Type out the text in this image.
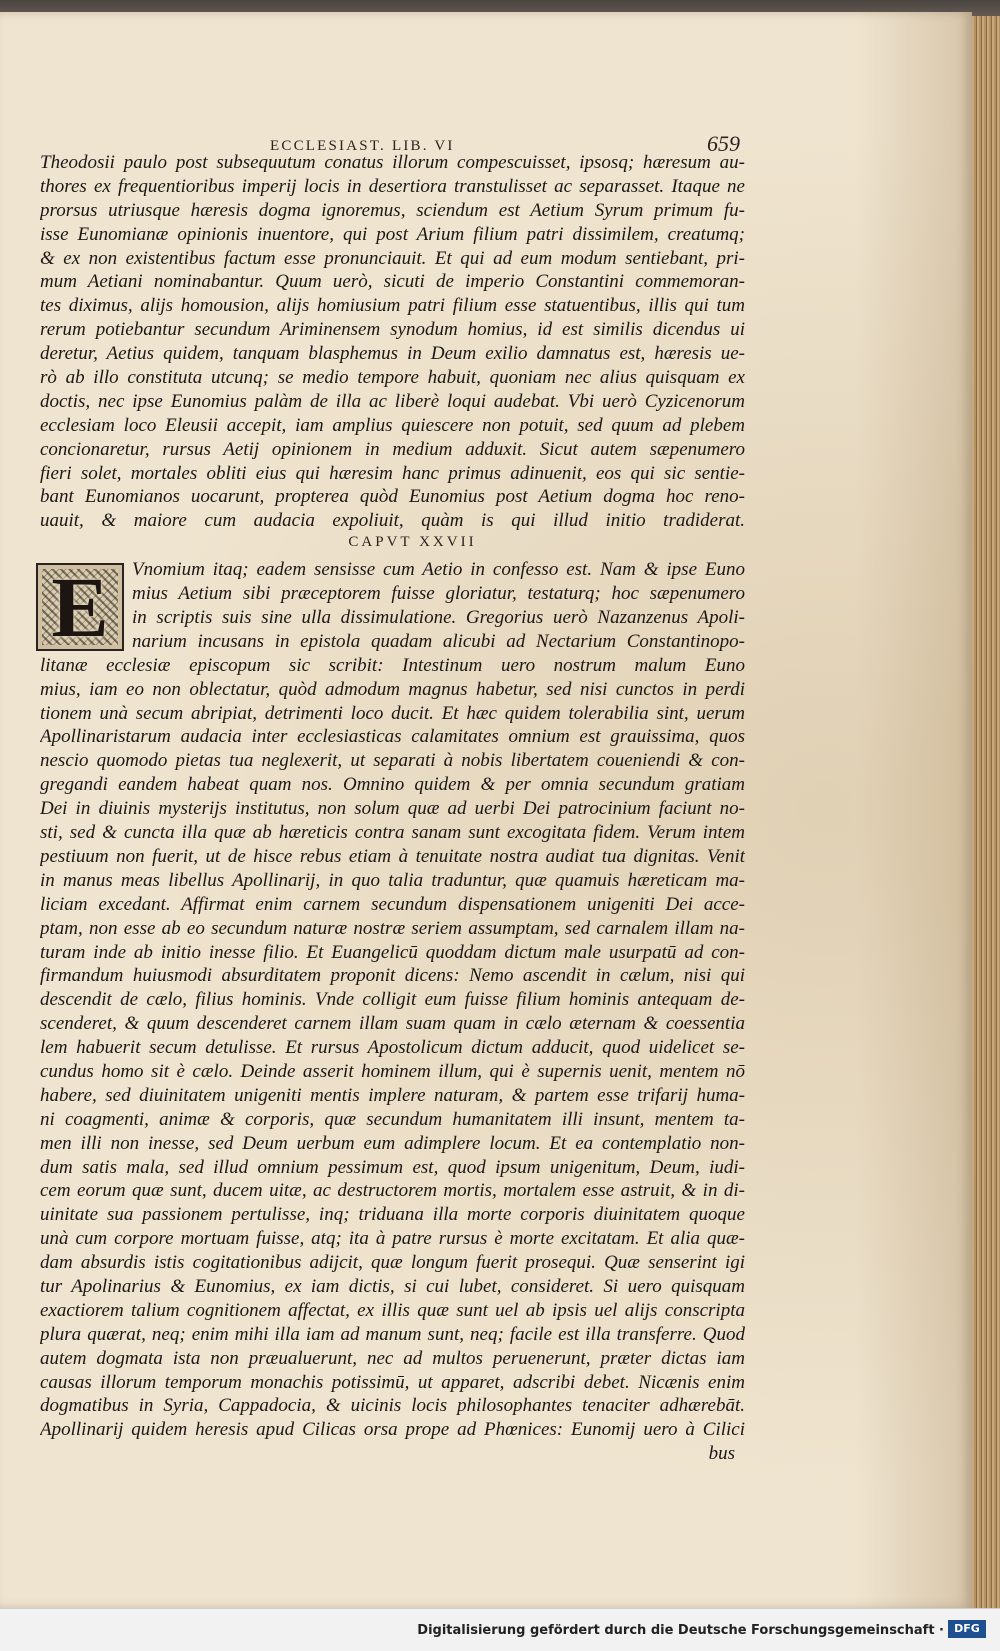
ECCLESIAST. LIB. VI	659
Theodosii paulo post subsequutum conatus illorum compescuisset, ipsosq; hæresum au-
thores ex frequentioribus imperij locis in desertiora transtulisset ac separasset. Itaque ne
prorsus utriusque hæresis dogma ignoremus, sciendum est Aetium Syrum primum fu-
isse Eunomianæ opinionis inuentore, qui post Arium filium patri dissimilem, creatumq;
& ex non existentibus factum esse pronunciauit. Et qui ad eum modum sentiebant, pri-
mum Aetiani nominabantur. Quum uerò, sicuti de imperio Constantini commemoran-
tes diximus, alijs homousion, alijs homiusium patri filium esse statuentibus, illis qui tum
rerum potiebantur secundum Ariminensem synodum homius, id est similis dicendus ui
deretur, Aetius quidem, tanquam blasphemus in Deum exilio damnatus est, hæresis ue-
rò ab illo constituta utcunq; se medio tempore habuit, quoniam nec alius quisquam ex
doctis, nec ipse Eunomius palàm de illa ac liberè loqui audebat. Vbi uerò Cyzicenorum
ecclesiam loco Eleusii accepit, iam amplius quiescere non potuit, sed quum ad plebem
concionaretur, rursus Aetij opinionem in medium adduxit. Sicut autem sæpenumero
fieri solet, mortales obliti eius qui hæresim hanc primus adinuenit, eos qui sic sentie-
bant Eunomianos uocarunt, propterea quòd Eunomius post Aetium dogma hoc reno-
uauit, & maiore cum audacia expoliuit, quàm is qui illud initio tradiderat.
CAPVT XXVII
E	Vnomium itaq; eadem sensisse cum Aetio in confesso est. Nam & ipse Euno
mius Aetium sibi præceptorem fuisse gloriatur, testaturq; hoc sæpenumero
in scriptis suis sine ulla dissimulatione. Gregorius uerò Nazanzenus Apoli-
narium incusans in epistola quadam alicubi ad Nectarium Constantinopo-
litanæ ecclesiæ episcopum sic scribit: Intestinum uero nostrum malum Euno
mius, iam eo non oblectatur, quòd admodum magnus habetur, sed nisi cunctos in perdi
tionem unà secum abripiat, detrimenti loco ducit. Et hæc quidem tolerabilia sint, uerum
Apollinaristarum audacia inter ecclesiasticas calamitates omnium est grauissima, quos
nescio quomodo pietas tua neglexerit, ut separati à nobis libertatem coueniendi & con-
gregandi eandem habeat quam nos. Omnino quidem & per omnia secundum gratiam
Dei in diuinis mysterijs institutus, non solum quæ ad uerbi Dei patrocinium faciunt no-
sti, sed & cuncta illa quæ ab hæreticis contra sanam sunt excogitata fidem. Verum intem
pestiuum non fuerit, ut de hisce rebus etiam à tenuitate nostra audiat tua dignitas. Venit
in manus meas libellus Apollinarij, in quo talia traduntur, quæ quamuis hæreticam ma-
liciam excedant. Affirmat enim carnem secundum dispensationem unigeniti Dei acce-
ptam, non esse ab eo secundum naturæ nostræ seriem assumptam, sed carnalem illam na-
turam inde ab initio inesse filio. Et Euangelicū quoddam dictum male usurpatū ad con-
firmandum huiusmodi absurditatem proponit dicens: Nemo ascendit in cælum, nisi qui
descendit de cælo, filius hominis. Vnde colligit eum fuisse filium hominis antequam de-
scenderet, & quum descenderet carnem illam suam quam in cælo æternam & coessentia
lem habuerit secum detulisse. Et rursus Apostolicum dictum adducit, quod uidelicet se-
cundus homo sit è cælo. Deinde asserit hominem illum, qui è supernis uenit, mentem nō
habere, sed diuinitatem unigeniti mentis implere naturam, & partem esse trifarij huma-
ni coagmenti, animæ & corporis, quæ secundum humanitatem illi insunt, mentem ta-
men illi non inesse, sed Deum uerbum eum adimplere locum. Et ea contemplatio non-
dum satis mala, sed illud omnium pessimum est, quod ipsum unigenitum, Deum, iudi-
cem eorum quæ sunt, ducem uitæ, ac destructorem mortis, mortalem esse astruit, & in di-
uinitate sua passionem pertulisse, inq; triduana illa morte corporis diuinitatem quoque
unà cum corpore mortuam fuisse, atq; ita à patre rursus è morte excitatam. Et alia quæ-
dam absurdis istis cogitationibus adijcit, quæ longum fuerit prosequi. Quæ senserint igi
tur Apolinarius & Eunomius, ex iam dictis, si cui lubet, consideret. Si uero quisquam
exactiorem talium cognitionem affectat, ex illis quæ sunt uel ab ipsis uel alijs conscripta
plura quærat, neq; enim mihi illa iam ad manum sunt, neq; facile est illa transferre. Quod
autem dogmata ista non præualuerunt, nec ad multos peruenerunt, præter dictas iam
causas illorum temporum monachis potissimū, ut apparet, adscribi debet. Nicænis enim
dogmatibus in Syria, Cappadocia, & uicinis locis philosophantes tenaciter adhærebāt.
Apollinarij quidem heresis apud Cilicas orsa prope ad Phœnices: Eunomij uero à Cilici
bus
Digitalisierung gefördert durch die Deutsche Forschungsgemeinschaft · DFG
